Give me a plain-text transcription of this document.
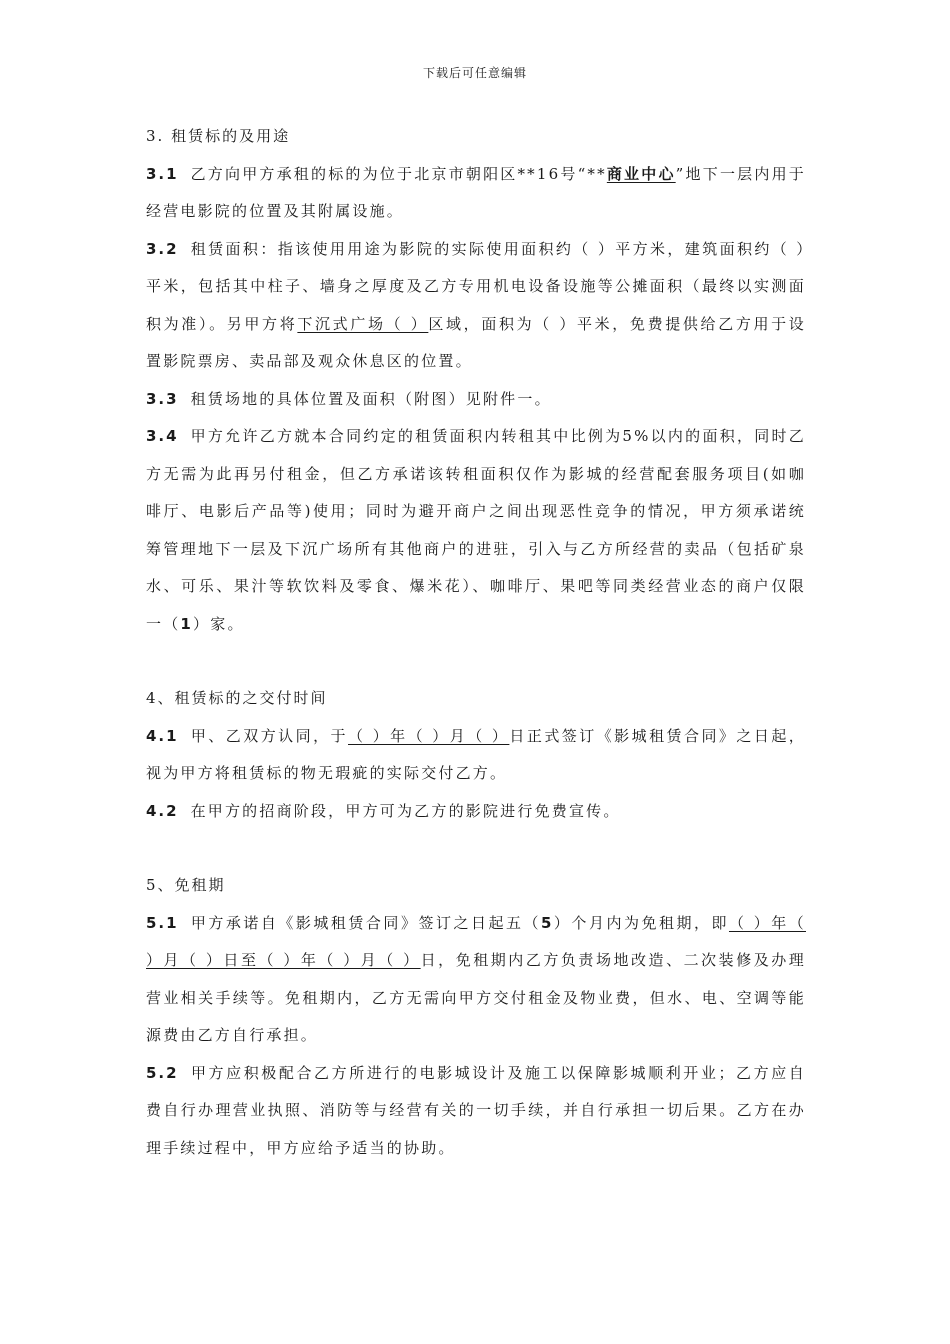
下载后可任意编辑

3. 租赁标的及用途

3.1 乙方向甲方承租的标的为位于北京市朝阳区**16号“**商业中心”地下一层内用于经营电影院的位置及其附属设施。

3.2 租赁面积：指该使用用途为影院的实际使用面积约（ ）平方米，建筑面积约（ ）平米，包括其中柱子、墙身之厚度及乙方专用机电设备设施等公摊面积（最终以实测面积为准）。另甲方将下沉式广场（ ）区域，面积为（ ）平米，免费提供给乙方用于设置影院票房、卖品部及观众休息区的位置。

3.3 租赁场地的具体位置及面积（附图）见附件一。

3.4 甲方允许乙方就本合同约定的租赁面积内转租其中比例为5%以内的面积，同时乙方无需为此再另付租金，但乙方承诺该转租面积仅作为影城的经营配套服务项目(如咖啡厅、电影后产品等)使用；同时为避开商户之间出现恶性竞争的情况，甲方须承诺统筹管理地下一层及下沉广场所有其他商户的进驻，引入与乙方所经营的卖品（包括矿泉水、可乐、果汁等软饮料及零食、爆米花）、咖啡厅、果吧等同类经营业态的商户仅限一（1）家。

4、租赁标的之交付时间

4.1 甲、乙双方认同，于（ ）年（ ）月（ ）日正式签订《影城租赁合同》之日起，视为甲方将租赁标的物无瑕疵的实际交付乙方。

4.2 在甲方的招商阶段，甲方可为乙方的影院进行免费宣传。

5、免租期

5.1 甲方承诺自《影城租赁合同》签订之日起五（5）个月内为免租期，即（ ）年（ ）月（ ）日至（ ）年（ ）月（ ）日，免租期内乙方负责场地改造、二次装修及办理营业相关手续等。免租期内，乙方无需向甲方交付租金及物业费，但水、电、空调等能源费由乙方自行承担。

5.2 甲方应积极配合乙方所进行的电影城设计及施工以保障影城顺利开业；乙方应自费自行办理营业执照、消防等与经营有关的一切手续，并自行承担一切后果。乙方在办理手续过程中，甲方应给予适当的协助。
